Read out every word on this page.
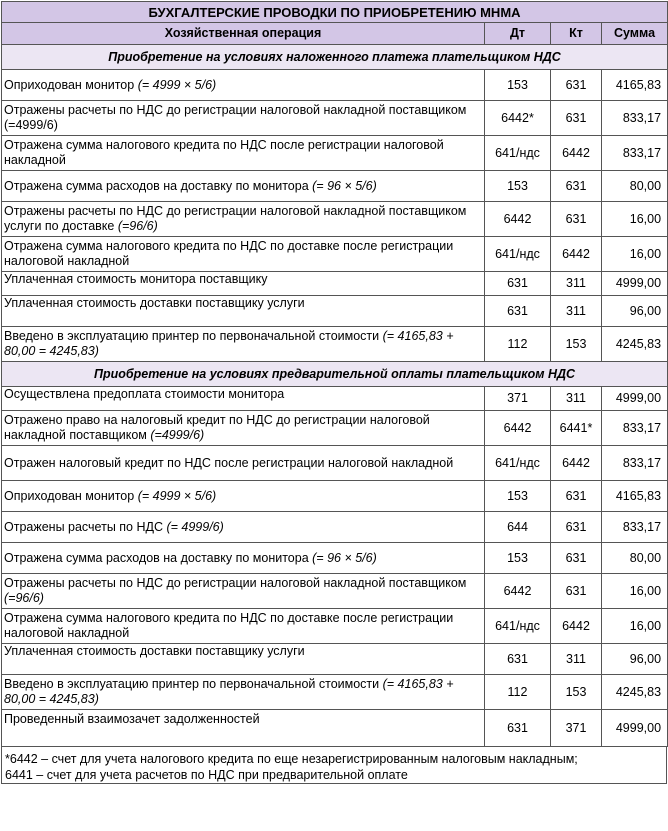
БУХГАЛТЕРСКИЕ ПРОВОДКИ ПО ПРИОБРЕТЕНИЮ МНМА			
Хозяйственная операция	Дт	Кт	Сумма
Приобретение на условиях наложенного платежа плательщиком НДС			
Оприходован монитор (= 4999 × 5/6)	153	631	4165,83
Отражены расчеты по НДС до регистрации налоговой накладной поставщиком (=4999/6)	6442*	631	833,17
Отражена сумма налогового кредита по НДС после регистрации налоговой накладной	641/ндс	6442	833,17
Отражена сумма расходов на доставку по монитора (= 96 × 5/6)	153	631	80,00
Отражены расчеты по НДС до регистрации налоговой накладной поставщиком услуги по доставке (=96/6)	6442	631	16,00
Отражена сумма налогового кредита по НДС по доставке после регистрации налоговой накладной	641/ндс	6442	16,00
Уплаченная стоимость монитора поставщику	631	311	4999,00
Уплаченная стоимость доставки поставщику услуги	631	311	96,00
Введено в эксплуатацию принтер по первоначальной стоимости (= 4165,83 + 80,00 = 4245,83)	112	153	4245,83
Приобретение на условиях предварительной оплаты плательщиком НДС			
Осуществлена предоплата стоимости монитора	371	311	4999,00
Отражено право на налоговый кредит по НДС до регистрации налоговой накладной поставщиком (=4999/6)	6442	6441*	833,17
Отражен налоговый кредит по НДС после регистрации налоговой накладной	641/ндс	6442	833,17
Оприходован монитор (= 4999 × 5/6)	153	631	4165,83
Отражены расчеты по НДС (= 4999/6)	644	631	833,17
Отражена сумма расходов на доставку по монитора (= 96 × 5/6)	153	631	80,00
Отражены расчеты по НДС до регистрации налоговой накладной поставщиком (=96/6)	6442	631	16,00
Отражена сумма налогового кредита по НДС по доставке после регистрации налоговой накладной	641/ндс	6442	16,00
Уплаченная стоимость доставки поставщику услуги	631	311	96,00
Введено в эксплуатацию принтер по первоначальной стоимости (= 4165,83 + 80,00 = 4245,83)	112	153	4245,83
Проведенный взаимозачет задолженностей	631	371	4999,00
*6442 – счет для учета налогового кредита по еще незарегистрированным налоговым накладным;
6441 – счет для учета расчетов по НДС при предварительной оплате
